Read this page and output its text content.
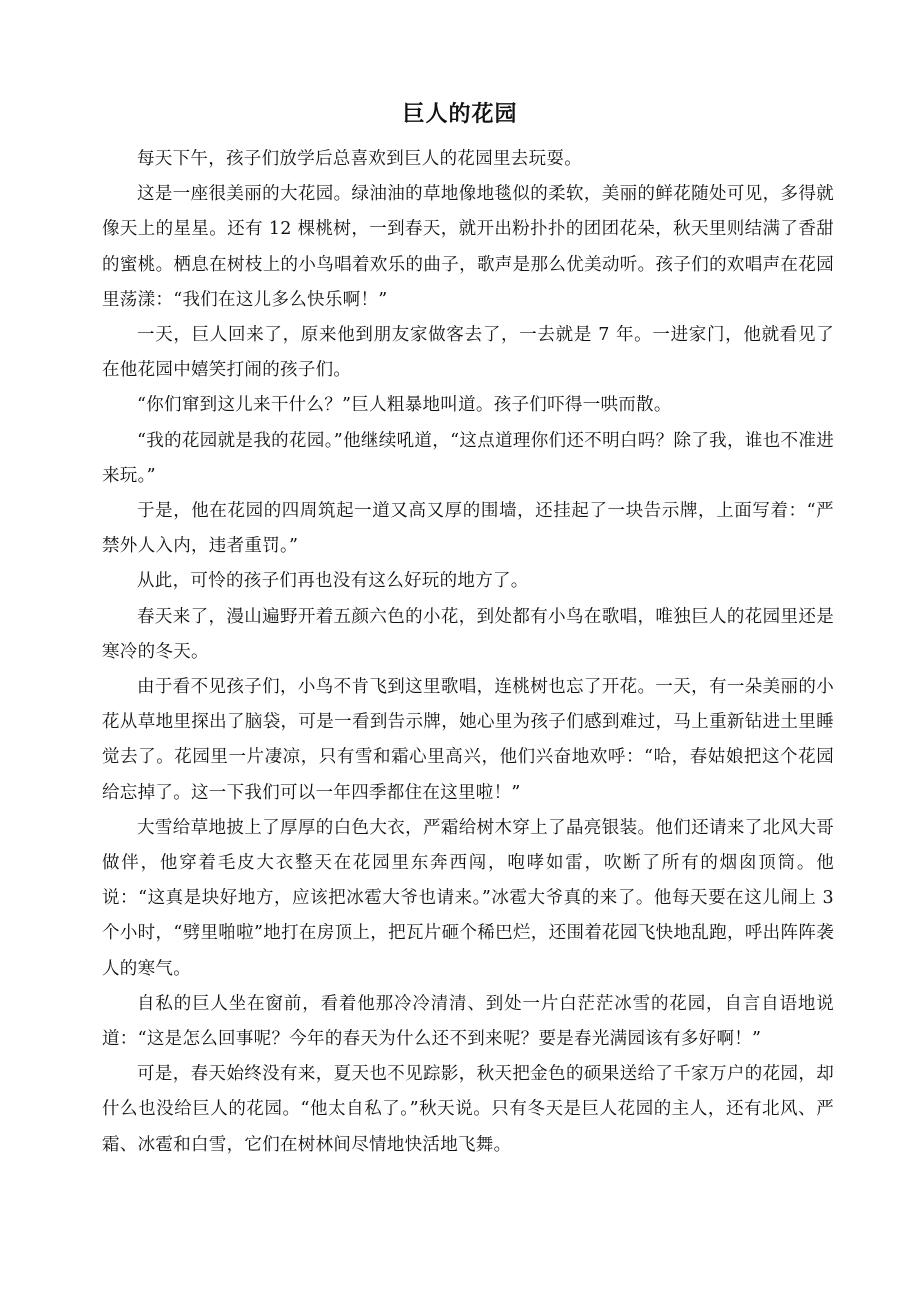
巨人的花园

每天下午，孩子们放学后总喜欢到巨人的花园里去玩耍。

这是一座很美丽的大花园。绿油油的草地像地毯似的柔软，美丽的鲜花随处可见，多得就像天上的星星。还有 12 棵桃树，一到春天，就开出粉扑扑的团团花朵，秋天里则结满了香甜的蜜桃。栖息在树枝上的小鸟唱着欢乐的曲子，歌声是那么优美动听。孩子们的欢唱声在花园里荡漾：“我们在这儿多么快乐啊！”

一天，巨人回来了，原来他到朋友家做客去了，一去就是 7 年。一进家门，他就看见了在他花园中嬉笑打闹的孩子们。

“你们窜到这儿来干什么？”巨人粗暴地叫道。孩子们吓得一哄而散。

“我的花园就是我的花园。”他继续吼道，“这点道理你们还不明白吗？除了我，谁也不准进来玩。”

于是，他在花园的四周筑起一道又高又厚的围墙，还挂起了一块告示牌，上面写着：“严禁外人入内，违者重罚。”

从此，可怜的孩子们再也没有这么好玩的地方了。

春天来了，漫山遍野开着五颜六色的小花，到处都有小鸟在歌唱，唯独巨人的花园里还是寒冷的冬天。

由于看不见孩子们，小鸟不肯飞到这里歌唱，连桃树也忘了开花。一天，有一朵美丽的小花从草地里探出了脑袋，可是一看到告示牌，她心里为孩子们感到难过，马上重新钻进土里睡觉去了。花园里一片凄凉，只有雪和霜心里高兴，他们兴奋地欢呼：“哈，春姑娘把这个花园给忘掉了。这一下我们可以一年四季都住在这里啦！”

大雪给草地披上了厚厚的白色大衣，严霜给树木穿上了晶亮银装。他们还请来了北风大哥做伴，他穿着毛皮大衣整天在花园里东奔西闯，咆哮如雷，吹断了所有的烟囱顶筒。他说：“这真是块好地方，应该把冰雹大爷也请来。”冰雹大爷真的来了。他每天要在这儿闹上 3 个小时，“劈里啪啦”地打在房顶上，把瓦片砸个稀巴烂，还围着花园飞快地乱跑，呼出阵阵袭人的寒气。

自私的巨人坐在窗前，看着他那冷冷清清、到处一片白茫茫冰雪的花园，自言自语地说道：“这是怎么回事呢？今年的春天为什么还不到来呢？要是春光满园该有多好啊！”

可是，春天始终没有来，夏天也不见踪影，秋天把金色的硕果送给了千家万户的花园，却什么也没给巨人的花园。“他太自私了。”秋天说。只有冬天是巨人花园的主人，还有北风、严霜、冰雹和白雪，它们在树林间尽情地快活地飞舞。
